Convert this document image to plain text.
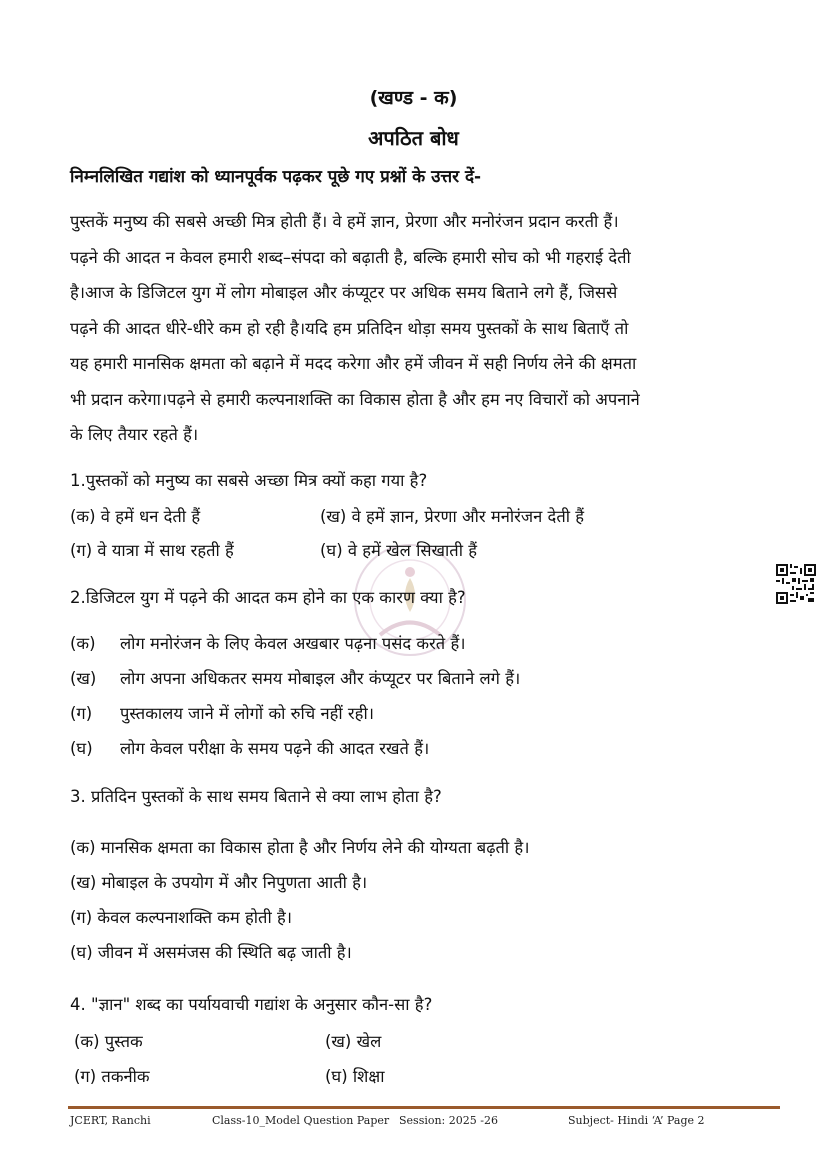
(खण्ड - क)
अपठित बोध
निम्नलिखित गद्यांश को ध्यानपूर्वक पढ़कर पूछे गए प्रश्नों के उत्तर दें-
पुस्तकें मनुष्य की सबसे अच्छी मित्र होती हैं। वे हमें ज्ञान, प्रेरणा और मनोरंजन प्रदान करती हैं।
पढ़ने की आदत न केवल हमारी शब्द–संपदा को बढ़ाती है, बल्कि हमारी सोच को भी गहराई देती
है।आज के डिजिटल युग में लोग मोबाइल और कंप्यूटर पर अधिक समय बिताने लगे हैं, जिससे
पढ़ने की आदत धीरे-धीरे कम हो रही है।यदि हम प्रतिदिन थोड़ा समय पुस्तकों के साथ बिताएँ तो
यह हमारी मानसिक क्षमता को बढ़ाने में मदद करेगा और हमें जीवन में सही निर्णय लेने की क्षमता
भी प्रदान करेगा।पढ़ने से हमारी कल्पनाशक्ति का विकास होता है और हम नए विचारों को अपनाने
के लिए तैयार रहते हैं।
1.पुस्तकों को मनुष्य का सबसे अच्छा मित्र क्यों कहा गया है?
(क) वे हमें धन देती हैं	(ख) वे हमें ज्ञान, प्रेरणा और मनोरंजन देती हैं
(ग) वे यात्रा में साथ रहती हैं	(घ) वे हमें खेल सिखाती हैं
2.डिजिटल युग में पढ़ने की आदत कम होने का एक कारण क्या है?
(क) लोग मनोरंजन के लिए केवल अखबार पढ़ना पसंद करते हैं।
(ख) लोग अपना अधिकतर समय मोबाइल और कंप्यूटर पर बिताने लगे हैं।
(ग) पुस्तकालय जाने में लोगों को रुचि नहीं रही।
(घ) लोग केवल परीक्षा के समय पढ़ने की आदत रखते हैं।
3. प्रतिदिन पुस्तकों के साथ समय बिताने से क्या लाभ होता है?
(क) मानसिक क्षमता का विकास होता है और निर्णय लेने की योग्यता बढ़ती है।
(ख) मोबाइल के उपयोग में और निपुणता आती है।
(ग) केवल कल्पनाशक्ति कम होती है।
(घ) जीवन में असमंजस की स्थिति बढ़ जाती है।
4. "ज्ञान" शब्द का पर्यायवाची गद्यांश के अनुसार कौन-सा है?
(क) पुस्तक	(ख) खेल
(ग) तकनीक	(घ) शिक्षा
JCERT, Ranchi	Class-10_Model Question Paper Session: 2025 -26	Subject- Hindi ‘A’ Page 2
